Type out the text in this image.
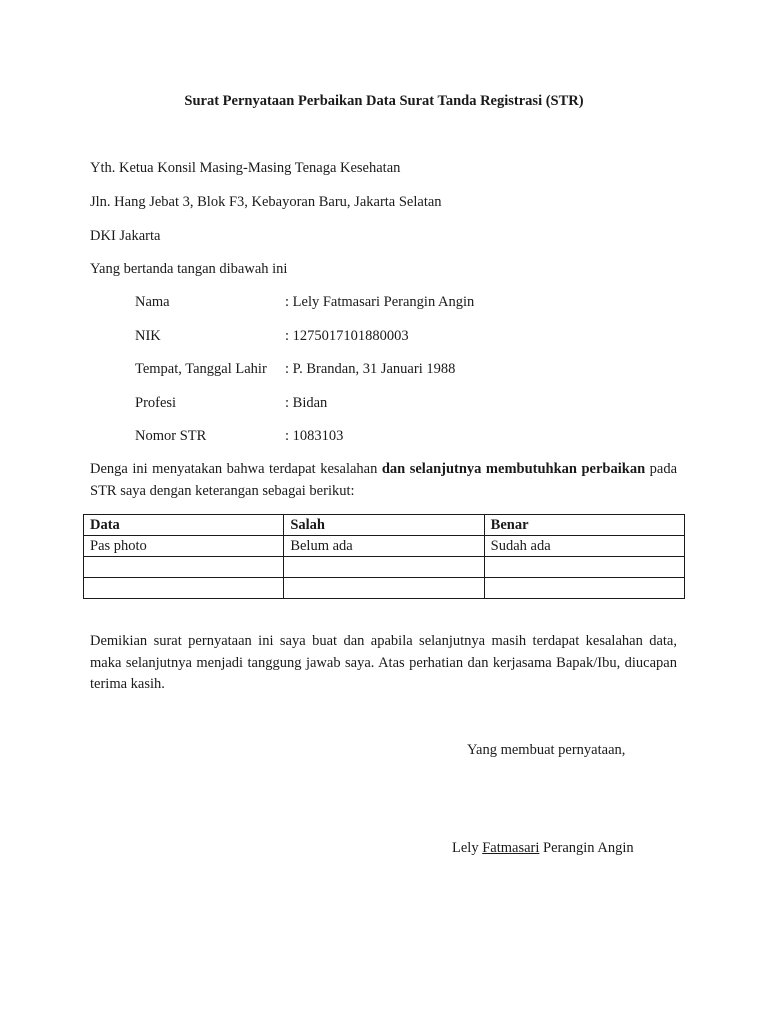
Surat Pernyataan Perbaikan Data Surat Tanda Registrasi (STR)
Yth. Ketua Konsil Masing-Masing Tenaga Kesehatan
Jln. Hang Jebat 3, Blok F3, Kebayoran Baru, Jakarta Selatan
DKI Jakarta
Yang bertanda tangan dibawah ini
Nama	: Lely Fatmasari Perangin Angin
NIK	: 1275017101880003
Tempat, Tanggal Lahir : P. Brandan, 31 Januari 1988
Profesi	: Bidan
Nomor STR	: 1083103
Denga ini menyatakan bahwa terdapat kesalahan dan selanjutnya membutuhkan perbaikan pada STR saya dengan keterangan sebagai berikut:
Data	Salah	Benar
Pas photo	Belum ada	Sudah ada

Demikian surat pernyataan ini saya buat dan apabila selanjutnya masih terdapat kesalahan data, maka selanjutnya menjadi tanggung jawab saya. Atas perhatian dan kerjasama Bapak/Ibu, diucapan terima kasih.
Yang membuat pernyataan,
Lely Fatmasari Perangin Angin
